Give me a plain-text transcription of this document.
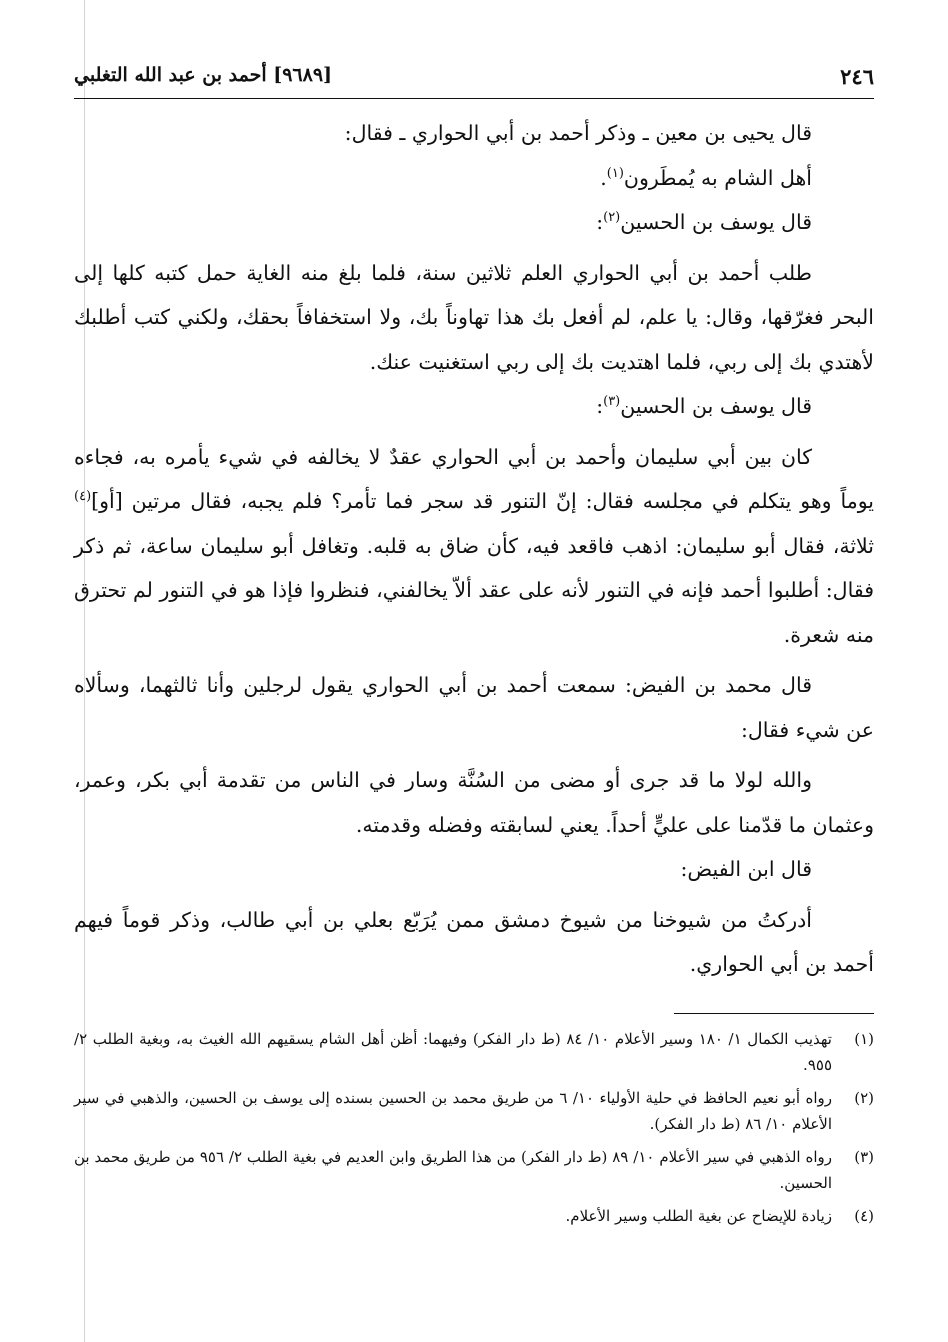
٢٤٦
[٩٦٨٩] أحمد بن عبد الله التغلبي

قال يحيى بن معين ـ وذكر أحمد بن أبي الحواري ـ فقال:

أهل الشام به يُمطَرون$^{(١)}$.

قال يوسف بن الحسين$^{(٢)}$:

طلب أحمد بن أبي الحواري العلم ثلاثين سنة، فلما بلغ منه الغاية حمل كتبه كلها إلى البحر فغرّقها، وقال: يا علم، لم أفعل بك هذا تهاوناً بك، ولا استخفافاً بحقك، ولكني كتب أطلبك لأهتدي بك إلى ربي، فلما اهتديت بك إلى ربي استغنيت عنك.

قال يوسف بن الحسين$^{(٣)}$:

كان بين أبي سليمان وأحمد بن أبي الحواري عقدٌ لا يخالفه في شيء يأمره به، فجاءه يوماً وهو يتكلم في مجلسه فقال: إنّ التنور قد سجر فما تأمر؟ فلم يجبه، فقال مرتين [أو]$^{(٤)}$ ثلاثة، فقال أبو سليمان: اذهب فاقعد فيه، كأن ضاق به قلبه. وتغافل أبو سليمان ساعة، ثم ذكر فقال: أطلبوا أحمد فإنه في التنور لأنه على عقد ألاّ يخالفني، فنظروا فإذا هو في التنور لم تحترق منه شعرة.

قال محمد بن الفيض: سمعت أحمد بن أبي الحواري يقول لرجلين وأنا ثالثهما، وسألاه عن شيء فقال:

والله لولا ما قد جرى أو مضى من السُنَّة وسار في الناس من تقدمة أبي بكر، وعمر، وعثمان ما قدّمنا على عليٍّ أحداً. يعني لسابقته وفضله وقدمته.

قال ابن الفيض:

أدركتُ من شيوخنا من شيوخ دمشق ممن يُرَبّع بعلي بن أبي طالب، وذكر قوماً فيهم أحمد بن أبي الحواري.

(١)
تهذيب الكمال ١/ ١٨٠ وسير الأعلام ١٠/ ٨٤ (ط دار الفكر) وفيهما: أظن أهل الشام يسقيهم الله الغيث به، وبغية الطلب ٢/ ٩٥٥.
(٢)
رواه أبو نعيم الحافظ في حلية الأولياء ١٠/ ٦ من طريق محمد بن الحسين بسنده إلى يوسف بن الحسين، والذهبي في سير الأعلام ١٠/ ٨٦ (ط دار الفكر).
(٣)
رواه الذهبي في سير الأعلام ١٠/ ٨٩ (ط دار الفكر) من هذا الطريق وابن العديم في بغية الطلب ٢/ ٩٥٦ من طريق محمد بن الحسين.
(٤)
زيادة للإيضاح عن بغية الطلب وسير الأعلام.
